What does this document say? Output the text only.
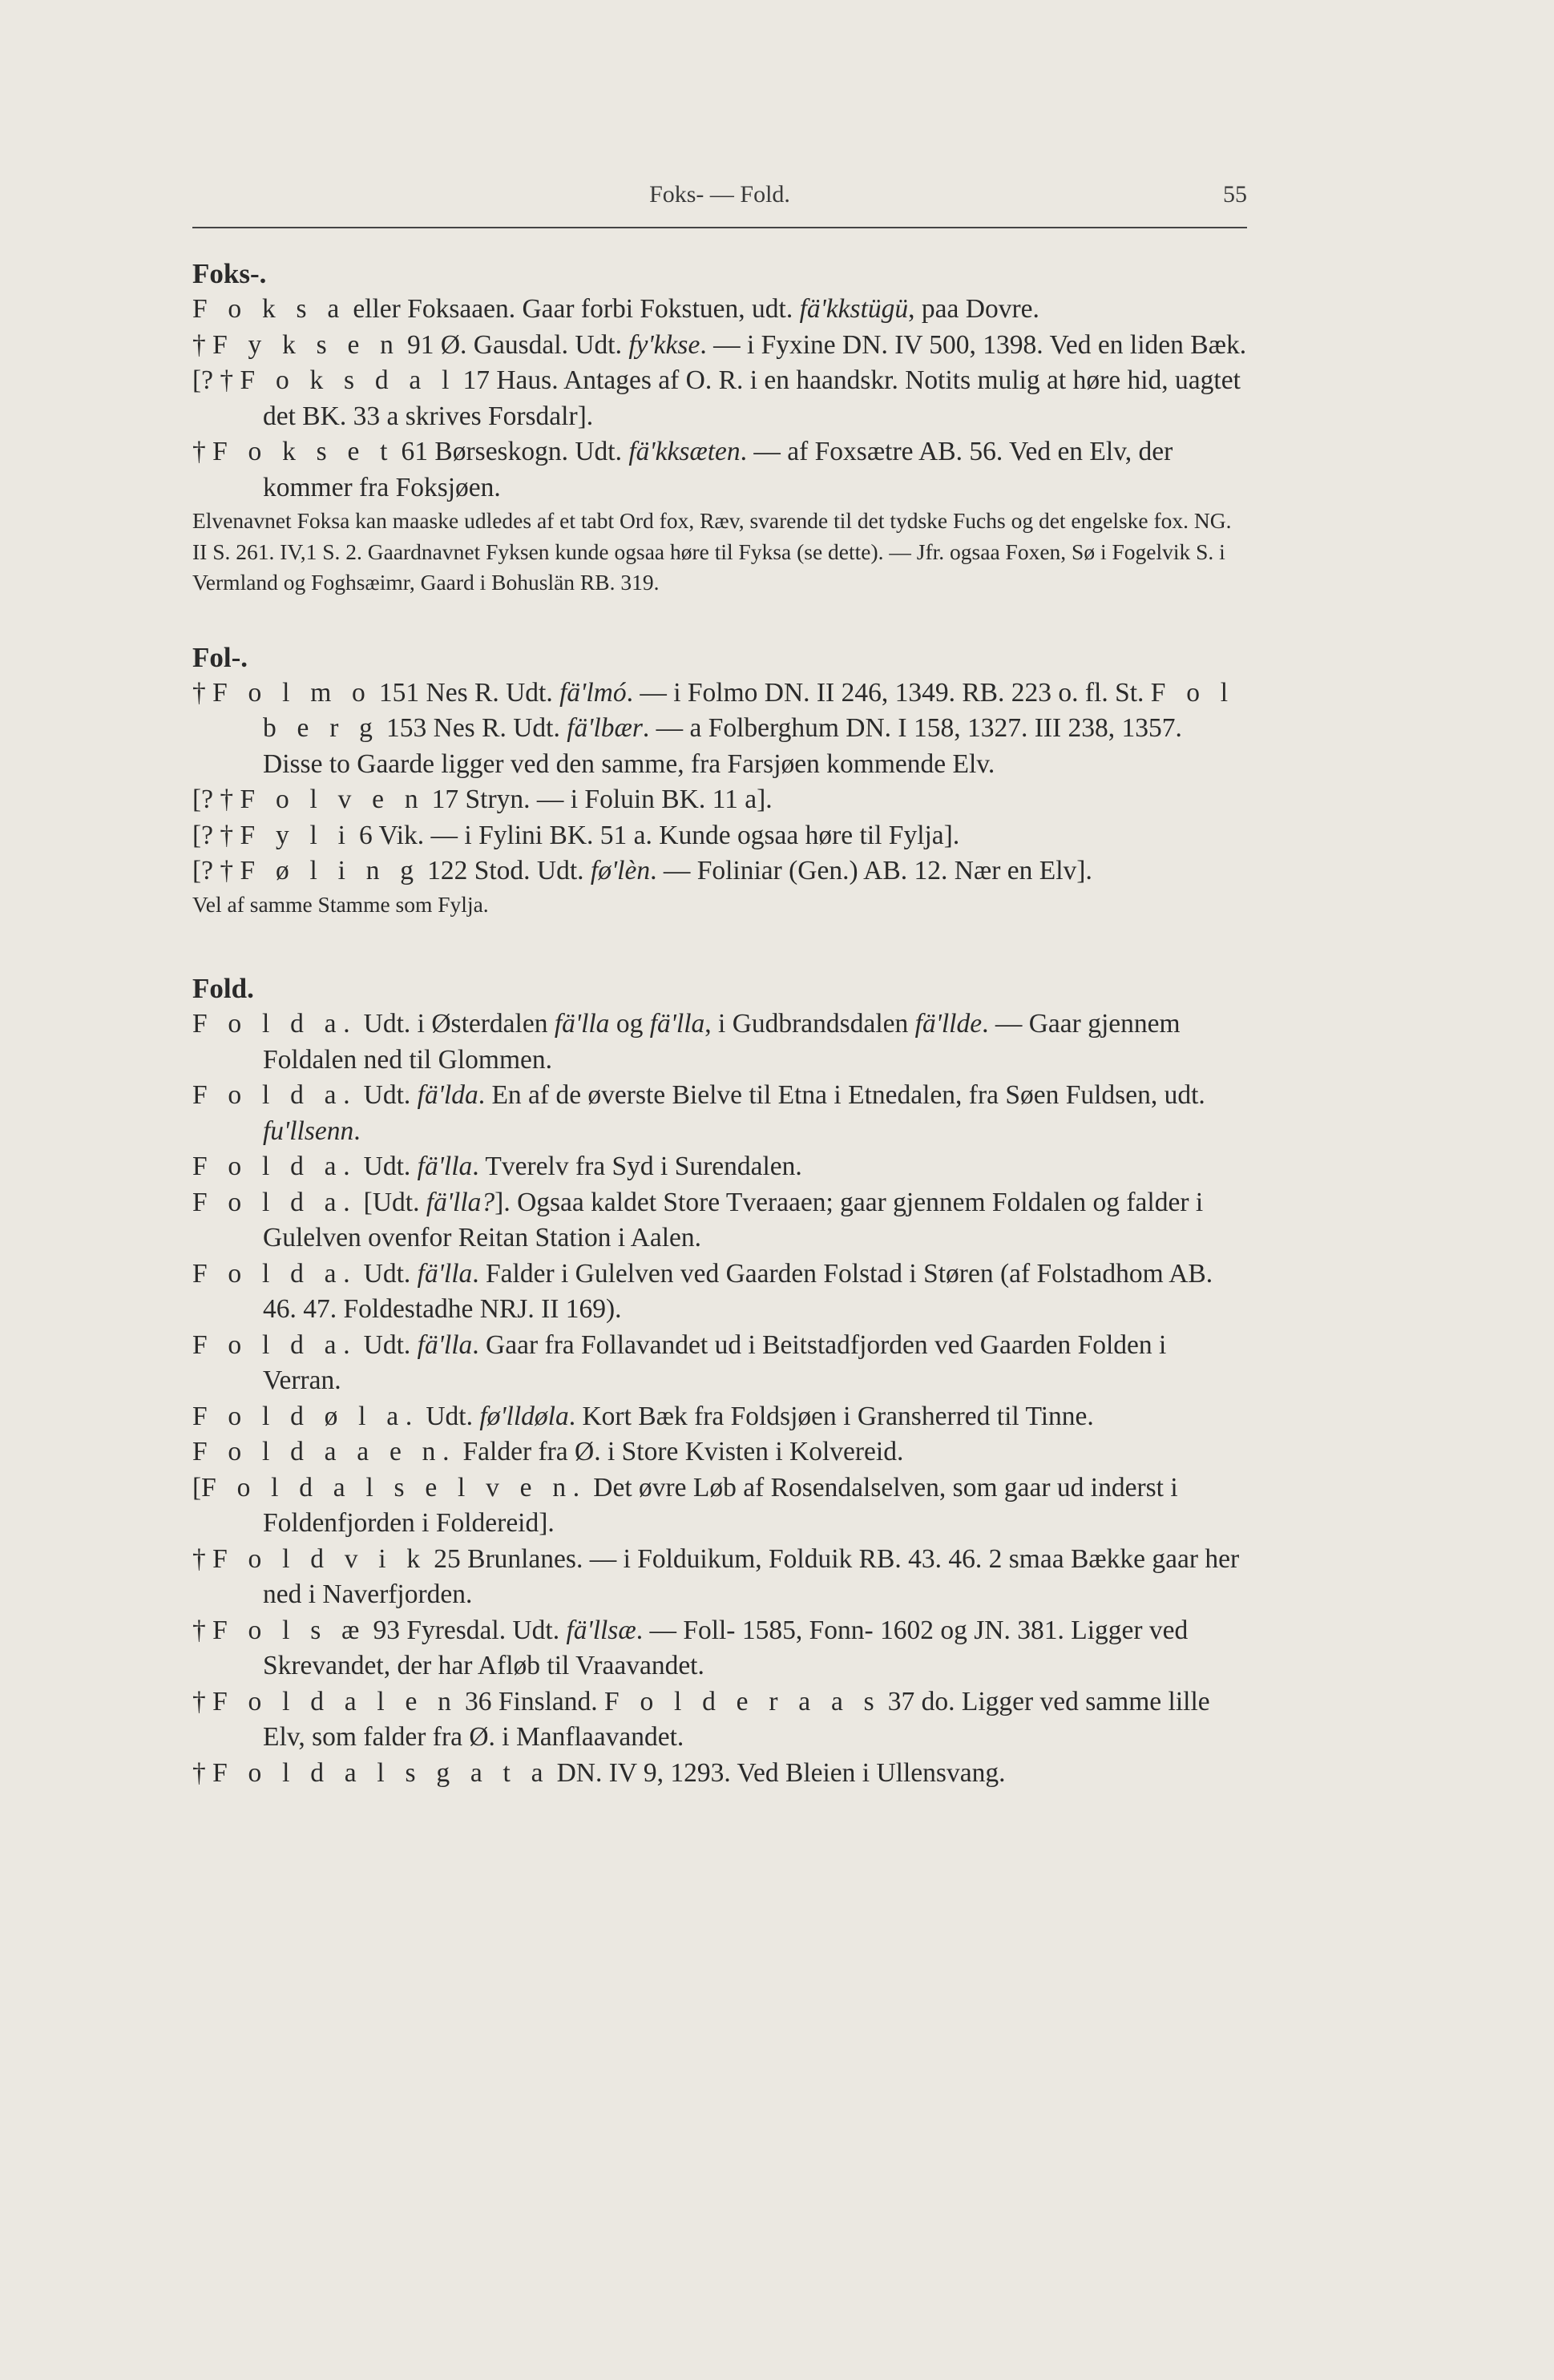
Foks- — Fold.	55

Foks-.

F o k s a eller Foksaaen. Gaar forbi Fokstuen, udt. fä'kkstügü, paa Dovre.

† F y k s e n 91 Ø. Gausdal. Udt. fy'kkse. — i Fyxine DN. IV 500, 1398. Ved en liden Bæk.

[? † F o k s d a l 17 Haus. Antages af O. R. i en haandskr. Notits mulig at høre hid, uagtet det BK. 33 a skrives Forsdalr].

† F o k s e t 61 Børseskogn. Udt. fä'kksæten. — af Foxsætre AB. 56. Ved en Elv, der kommer fra Foksjøen.

Elvenavnet Foksa kan maaske udledes af et tabt Ord fox, Ræv, svarende til det tydske Fuchs og det engelske fox. NG. II S. 261. IV,1 S. 2. Gaardnavnet Fyksen kunde ogsaa høre til Fyksa (se dette). — Jfr. ogsaa Foxen, Sø i Fogelvik S. i Vermland og Foghsæimr, Gaard i Bohuslän RB. 319.

Fol-.

† F o l m o 151 Nes R. Udt. fä'lmó. — i Folmo DN. II 246, 1349. RB. 223 o. fl. St. F o l b e r g 153 Nes R. Udt. fä'lbær. — a Folberghum DN. I 158, 1327. III 238, 1357. Disse to Gaarde ligger ved den samme, fra Farsjøen kommende Elv.

[? † F o l v e n 17 Stryn. — i Foluin BK. 11 a].

[? † F y l i 6 Vik. — i Fylini BK. 51 a. Kunde ogsaa høre til Fylja].

[? † F ø l i n g 122 Stod. Udt. fø'lèn. — Foliniar (Gen.) AB. 12. Nær en Elv].

Vel af samme Stamme som Fylja.

Fold.

F o l d a. Udt. i Østerdalen fä'lla og fä'lla, i Gudbrandsdalen fä'llde. — Gaar gjennem Foldalen ned til Glommen.

F o l d a. Udt. fä'lda. En af de øverste Bielve til Etna i Etnedalen, fra Søen Fuldsen, udt. fu'llsenn.

F o l d a. Udt. fä'lla. Tverelv fra Syd i Surendalen.

F o l d a. [Udt. fä'lla?]. Ogsaa kaldet Store Tveraaen; gaar gjennem Foldalen og falder i Gulelven ovenfor Reitan Station i Aalen.

F o l d a. Udt. fä'lla. Falder i Gulelven ved Gaarden Folstad i Støren (af Folstadhom AB. 46. 47. Foldestadhe NRJ. II 169).

F o l d a. Udt. fä'lla. Gaar fra Follavandet ud i Beitstadfjorden ved Gaarden Folden i Verran.

F o l d ø l a. Udt. fø'lldøla. Kort Bæk fra Foldsjøen i Gransherred til Tinne.

F o l d a a e n. Falder fra Ø. i Store Kvisten i Kolvereid.

[F o l d a l s e l v e n. Det øvre Løb af Rosendalselven, som gaar ud inderst i Foldenfjorden i Foldereid].

† F o l d v i k 25 Brunlanes. — i Folduikum, Folduik RB. 43. 46. 2 smaa Bække gaar her ned i Naverfjorden.

† F o l s æ 93 Fyresdal. Udt. fä'llsæ. — Foll- 1585, Fonn- 1602 og JN. 381. Ligger ved Skrevandet, der har Afløb til Vraavandet.

† F o l d a l e n 36 Finsland. F o l d e r a a s 37 do. Ligger ved samme lille Elv, som falder fra Ø. i Manflaavandet.

† F o l d a l s g a t a DN. IV 9, 1293. Ved Bleien i Ullensvang.
